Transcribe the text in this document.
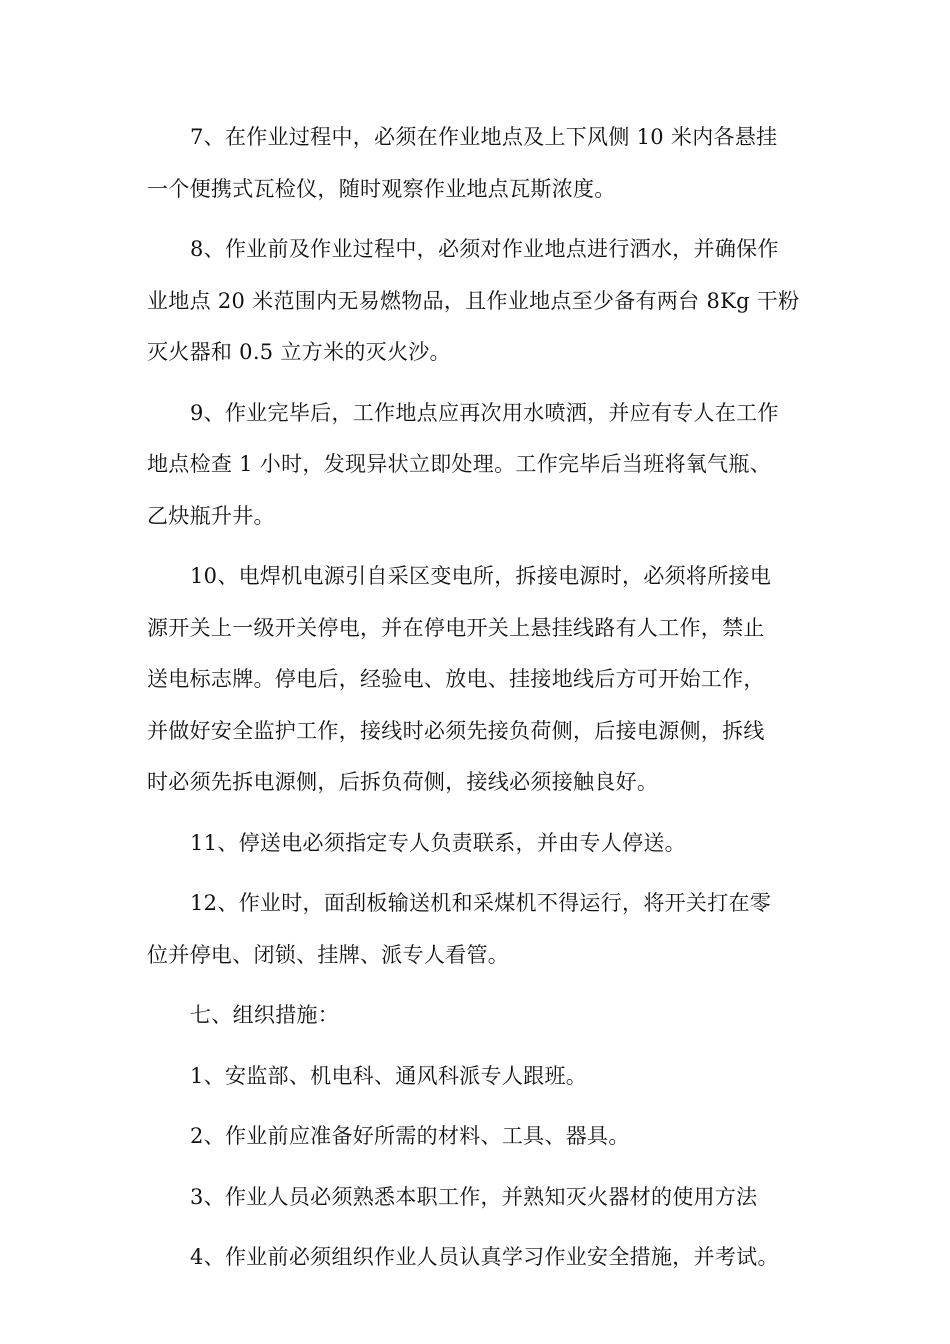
7、在作业过程中，必须在作业地点及上下风侧 10 米内各悬挂
一个便携式瓦检仪，随时观察作业地点瓦斯浓度。

8、作业前及作业过程中，必须对作业地点进行洒水，并确保作
业地点 20 米范围内无易燃物品，且作业地点至少备有两台 8Kg 干粉
灭火器和 0.5 立方米的灭火沙。

9、作业完毕后，工作地点应再次用水喷洒，并应有专人在工作
地点检查 1 小时，发现异状立即处理。工作完毕后当班将氧气瓶、
乙炔瓶升井。

10、电焊机电源引自采区变电所，拆接电源时，必须将所接电
源开关上一级开关停电，并在停电开关上悬挂线路有人工作，禁止
送电标志牌。停电后，经验电、放电、挂接地线后方可开始工作，
并做好安全监护工作，接线时必须先接负荷侧，后接电源侧，拆线
时必须先拆电源侧，后拆负荷侧，接线必须接触良好。

11、停送电必须指定专人负责联系，并由专人停送。

12、作业时，面刮板输送机和采煤机不得运行，将开关打在零
位并停电、闭锁、挂牌、派专人看管。

七、组织措施：

1、安监部、机电科、通风科派专人跟班。

2、作业前应准备好所需的材料、工具、器具。

3、作业人员必须熟悉本职工作，并熟知灭火器材的使用方法

4、作业前必须组织作业人员认真学习作业安全措施，并考试。
